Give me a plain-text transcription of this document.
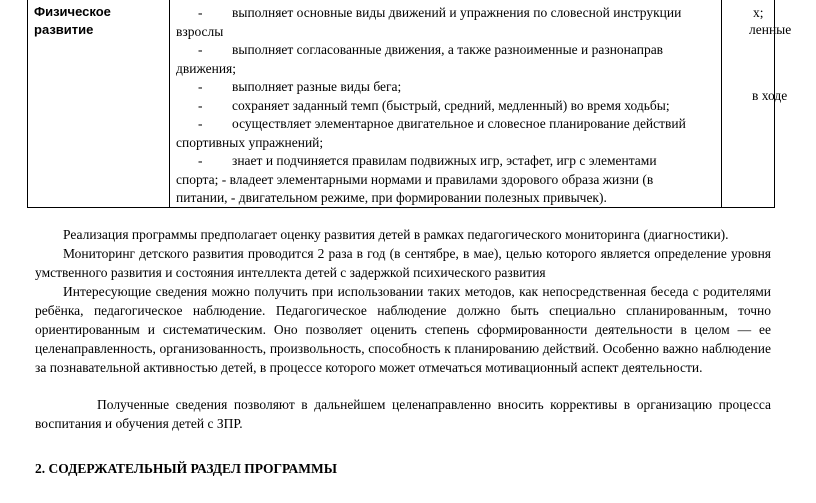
Физическое развитие
- выполняет основные виды движений и упражнения по словесной инструкции
взрослы
- выполняет согласованные движения, а также разноименные и разнонаправ
движения;
- выполняет разные виды бега;
- сохраняет заданный темп (быстрый, средний, медленный) во время ходьбы;
- осуществляет элементарное двигательное и словесное планирование действий
спортивных упражнений;
- знает и подчиняется правилам подвижных игр, эстафет, игр с элементами
спорта; - владеет элементарными нормами и правилами здорового образа жизни (в
питании, - двигательном режиме, при формировании полезных привычек).
х;
ленные
в ходе
Реализация программы предполагает оценку развития детей в рамках педагогического мониторинга (диагностики).
Мониторинг детского развития проводится 2 раза в год (в сентябре, в мае), целью которого является определение уровня умственного развития и состояния интеллекта детей с задержкой психического развития
Интересующие сведения можно получить при использовании таких методов, как непосредственная беседа с родителями ребёнка, педагогическое наблюдение. Педагогическое наблюдение должно быть специально спланированным, точно ориентированным и систематическим. Оно позволяет оценить степень сформированности деятельности в целом — ее целенаправленность, организованность, произвольность, способность к планированию действий. Особенно важно наблюдение за познавательной активностью детей, в процессе которого может отмечаться мотивационный аспект деятельности.
Полученные сведения позволяют в дальнейшем целенаправленно вносить коррективы в организацию процесса воспитания и обучения детей с ЗПР.
2. СОДЕРЖАТЕЛЬНЫЙ РАЗДЕЛ ПРОГРАММЫ
